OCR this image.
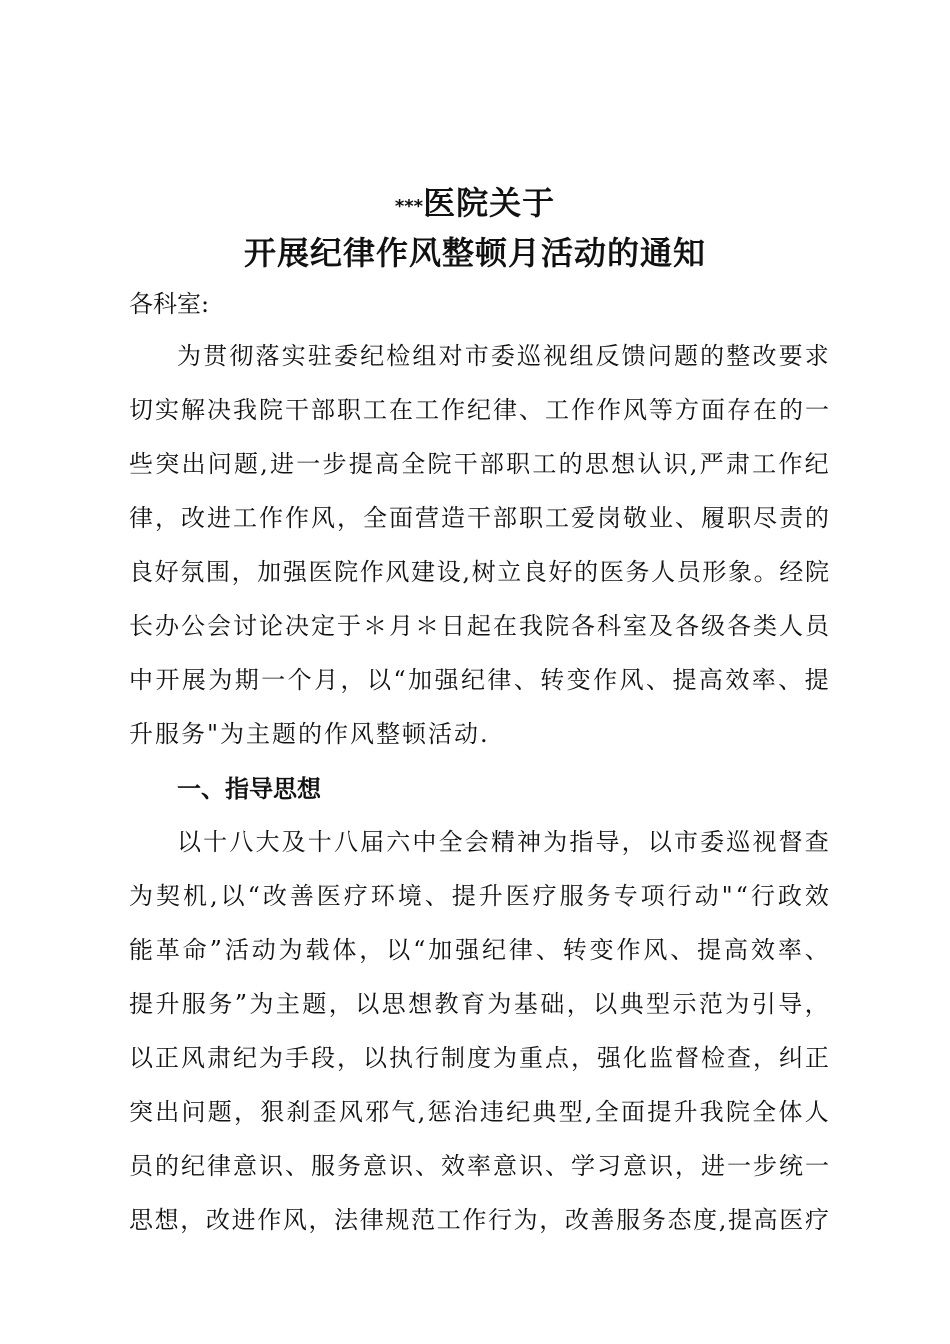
***医院关于
开展纪律作风整顿月活动的通知
各科室:
为 贯 彻 落 实 驻 委 纪 检 组 对 市 委 巡 视 组 反 馈 问 题 的 整 改 要 求
切 实 解 决 我 院 干 部 职 工 在 工 作 纪 律 、 工 作 作 风 等 方 面 存 在 的 一
些 突 出 问 题 , 进 一 步 提 高 全 院 干 部 职 工 的 思 想 认 识 , 严 肃 工 作 纪
律 ， 改 进 工 作 作 风 ， 全 面 营 造 干 部 职 工 爱 岗 敬 业 、 履 职 尽 责 的
良 好 氛 围 ， 加 强 医 院 作 风 建 设 , 树 立 良 好 的 医 务 人 员 形 象 。 经 院
长 办 公 会 讨 论 决 定 于 ＊ 月 ＊ 日 起 在 我 院 各 科 室 及 各 级 各 类 人 员
中 开 展 为 期 一 个 月 ， 以 “ 加 强 纪 律 、 转 变 作 风 、 提 高 效 率 、 提
升服务"为主题的作风整顿活动.
一、指导思想
以 十 八 大 及 十 八 届 六 中 全 会 精 神 为 指 导 ， 以 市 委 巡 视 督 查
为 契 机 , 以 “ 改 善 医 疗 环 境 、 提 升 医 疗 服 务 专 项 行 动 " “ 行 政 效
能 革 命 ” 活 动 为 载 体 ， 以 “ 加 强 纪 律 、 转 变 作 风 、 提 高 效 率 、
提 升 服 务 ” 为 主 题 ， 以 思 想 教 育 为 基 础 ， 以 典 型 示 范 为 引 导 ，
以 正 风 肃 纪 为 手 段 ， 以 执 行 制 度 为 重 点 ， 强 化 监 督 检 查 ， 纠 正
突 出 问 题 ， 狠 刹 歪 风 邪 气 , 惩 治 违 纪 典 型 , 全 面 提 升 我 院 全 体 人
员 的 纪 律 意 识 、 服 务 意 识 、 效 率 意 识 、 学 习 意 识 ， 进 一 步 统 一
思 想 ， 改 进 作 风 ， 法 律 规 范 工 作 行 为 ， 改 善 服 务 态 度 , 提 高 医 疗
